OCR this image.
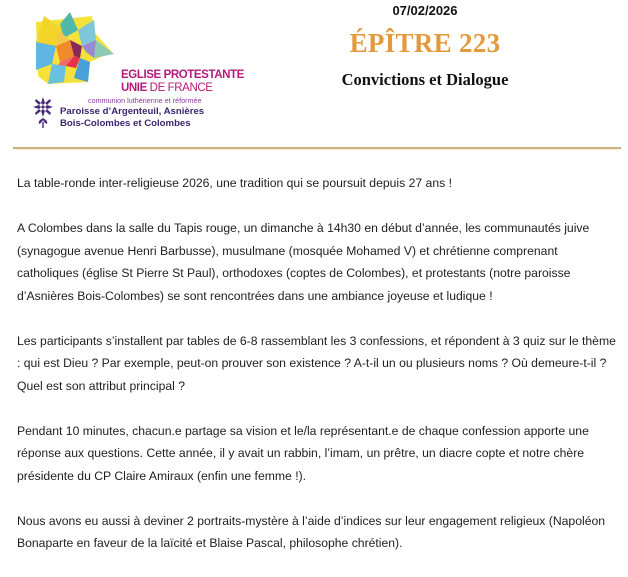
EGLISE PROTESTANTE
UNIE DE FRANCE
communion luthérienne et réformée
Paroisse d’Argenteuil, Asnières
Bois-Colombes et Colombes
07/02/2026
ÉPÎTRE 223
Convictions et Dialogue

La table-ronde inter-religieuse 2026, une tradition qui se poursuit depuis 27 ans !

A Colombes dans la salle du Tapis rouge, un dimanche à 14h30 en début d’année, les communautés juive (synagogue avenue Henri Barbusse), musulmane (mosquée Mohamed V) et chrétienne comprenant catholiques (église St Pierre St Paul), orthodoxes (coptes de Colombes), et protestants (notre paroisse d’Asnières Bois-Colombes) se sont rencontrées dans une ambiance joyeuse et ludique !

Les participants s’installent par tables de 6-8 rassemblant les 3 confessions, et répondent à 3 quiz sur le thème : qui est Dieu ? Par exemple, peut-on prouver son existence ? A-t-il un ou plusieurs noms ? Où demeure-t-il ? Quel est son attribut principal ?

Pendant 10 minutes, chacun.e partage sa vision et le/la représentant.e de chaque confession apporte une réponse aux questions. Cette année, il y avait un rabbin, l’imam, un prêtre, un diacre copte et notre chère présidente du CP Claire Amiraux (enfin une femme !).

Nous avons eu aussi à deviner 2 portraits-mystère à l’aide d’indices sur leur engagement religieux (Napoléon Bonaparte en faveur de la laïcité et Blaise Pascal, philosophe chrétien).
